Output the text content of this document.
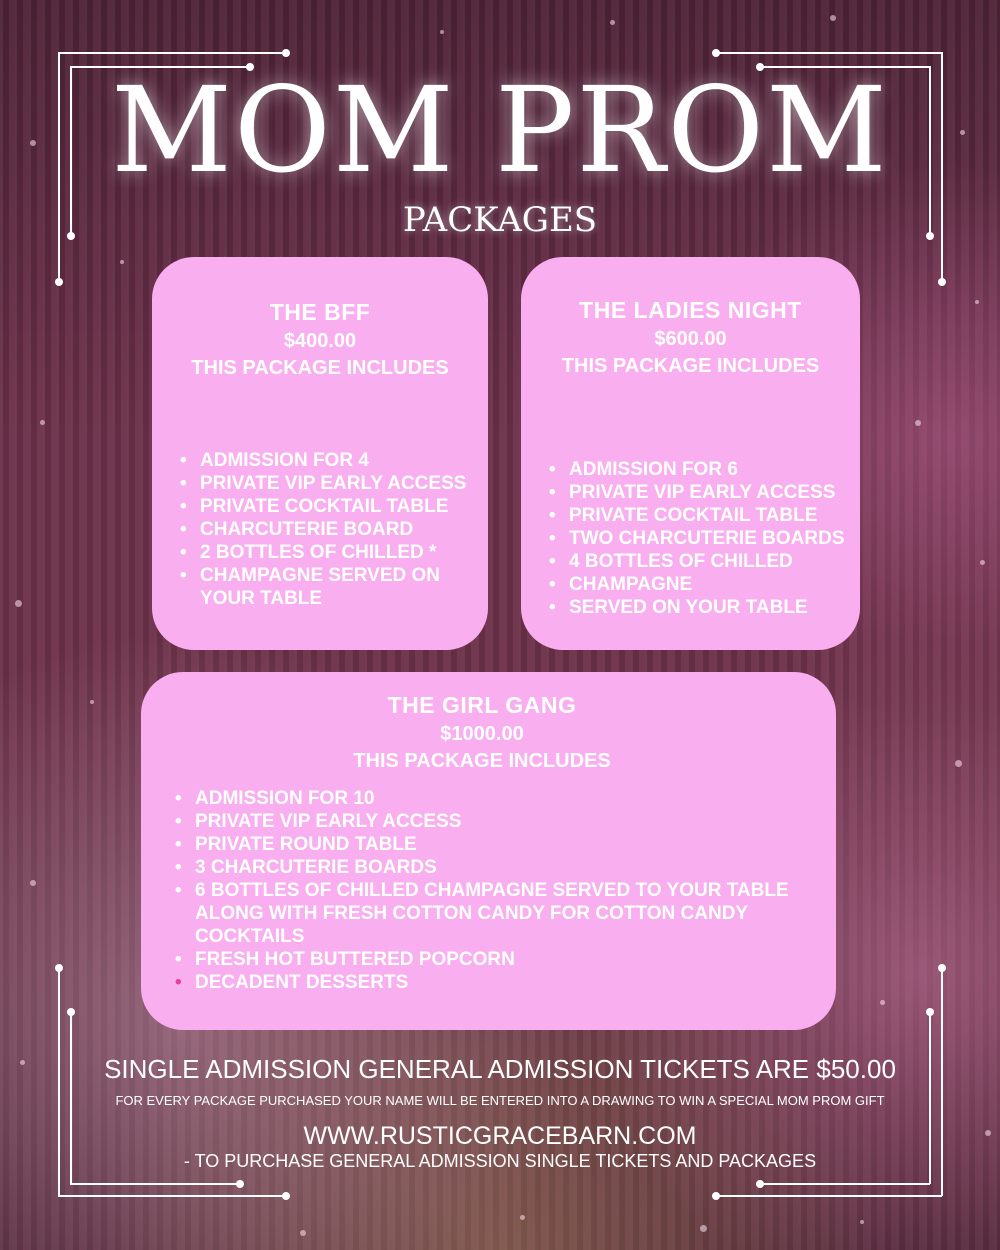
MOM PROM
PACKAGES
THE BFF
$400.00
THIS PACKAGE INCLUDES
• ADMISSION FOR 4
• PRIVATE VIP EARLY ACCESS
• PRIVATE COCKTAIL TABLE
• CHARCUTERIE BOARD
• 2 BOTTLES OF CHILLED *
• CHAMPAGNE SERVED ON YOUR TABLE
THE LADIES NIGHT
$600.00
THIS PACKAGE INCLUDES
• ADMISSION FOR 6
• PRIVATE VIP EARLY ACCESS
• PRIVATE COCKTAIL TABLE
• TWO CHARCUTERIE BOARDS
• 4 BOTTLES OF CHILLED
• CHAMPAGNE
• SERVED ON YOUR TABLE
THE GIRL GANG
$1000.00
THIS PACKAGE INCLUDES
• ADMISSION FOR 10
• PRIVATE VIP EARLY ACCESS
• PRIVATE ROUND TABLE
• 3 CHARCUTERIE BOARDS
• 6 BOTTLES OF CHILLED CHAMPAGNE SERVED TO YOUR TABLE ALONG WITH FRESH COTTON CANDY FOR COTTON CANDY COCKTAILS
• FRESH HOT BUTTERED POPCORN
• DECADENT DESSERTS
SINGLE ADMISSION GENERAL ADMISSION TICKETS ARE $50.00
FOR EVERY PACKAGE PURCHASED YOUR NAME WILL BE ENTERED INTO A DRAWING TO WIN A SPECIAL MOM PROM GIFT
WWW.RUSTICGRACEBARN.COM
- TO PURCHASE GENERAL ADMISSION SINGLE TICKETS AND PACKAGES
